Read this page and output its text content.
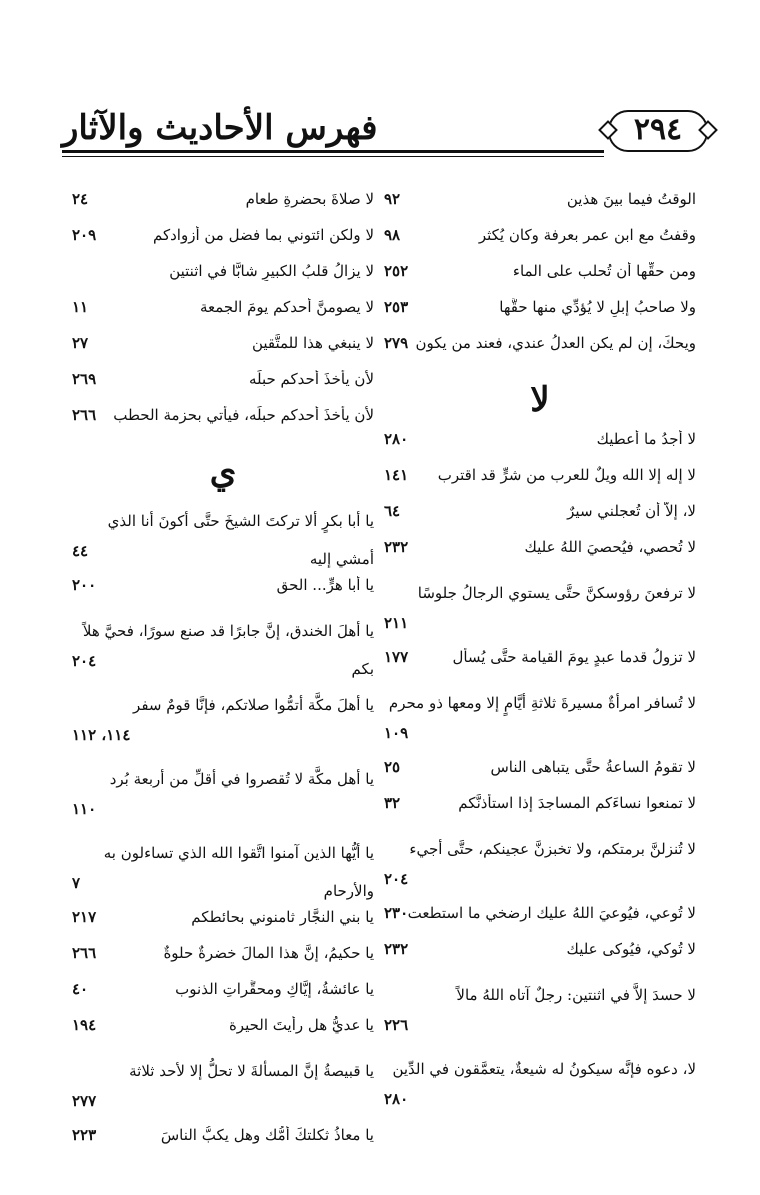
٢٩٤
فهرس الأحاديث والآثار
الوقتُ فيما بينَ هذين
٩٢
وقفتُ مع ابن عمر بعرفة وكان يُكثر
٩٨
ومن حقِّها أن تُحلب على الماء
٢٥٢
ولا صاحبُ إبلٍ لا يُؤدِّي منها حقَّها
٢٥٣
ويحكَ، إن لم يكن العدلُ عندي، فعند من يكون
٢٧٩
لا
لا أجدُ ما أُعطيك
٢٨٠
لا إله إلا الله ويلٌ للعرب من شرٍّ قد اقترب
١٤١
لا، إلاَّ أن تُعجلني سيرٌ
٦٤
لا تُحصي، فيُحصيَ اللهُ عليك
٢٣٢
لا ترفعنَ رؤوسكنَّ حتَّى يستوي الرجالُ جلوسًا
٢١١
لا تزولُ قدما عبدٍ يومَ القيامة حتَّى يُسأل
١٧٧
لا تُسافر امرأةٌ مسيرةَ ثلاثةِ أيَّامٍ إلا ومعها ذو محرم
١٠٩
لا تقومُ الساعةُ حتَّى يتباهى الناس
٢٥
لا تمنعوا نساءَكم المساجدَ إذا استأذنَّكم
٣٢
لا تُنزلنَّ برمتكم، ولا تخبزنَّ عجينكم، حتَّى أجيء
٢٠٤
لا تُوعي، فيُوعيَ اللهُ عليك ارضخي ما استطعت
٢٣٠
لا تُوكي، فيُوكى عليك
٢٣٢
لا حسدَ إلاَّ في اثنتين: رجلٌ آتاه اللهُ مالاً
٢٢٦
لا، دعوه فإنَّه سيكونُ له شيعةٌ، يتعمَّقون في الدِّين
٢٨٠
لا صلاةَ بحضرةِ طعام
٢٤
لا ولكن ائتوني بما فضل من أزوادكم
٢٠٩
لا يزالُ قلبُ الكبيرِ شابًّا في اثنتين
لا يصومنَّ أحدكم يومَ الجمعة
١١
لا ينبغي هذا للمتَّقين
٢٧
لأن يأخذَ أحدكم حبلَه
٢٦٩
لأن يأخذَ أحدكم حبلَه، فيأتي بحزمة الحطب
٢٦٦
ي
يا أبا بكرٍ ألا تركتَ الشيخَ حتَّى أكونَ أنا الذي أمشي إليه
٤٤
يا أبا هرٍّ... الحق
٢٠٠
يا أهلَ الخندق، إنَّ جابرًا قد صنع سورًا، فحيَّ هلاً بكم
٢٠٤
يا أهلَ مكَّة أتمُّوا صلاتكم، فإنَّا قومٌ سفر
١١٤، ١١٢
يا أهل مكَّة لا تُقصروا في أقلِّ من أربعة بُرد
١١٠
يا أيُّها الذين آمنوا اتَّقوا الله الذي تساءلون به والأرحام
٧
يا بني النجَّار ثامنوني بحائطكم
٢١٧
يا حكيمُ، إنَّ هذا المالَ خضرةٌ حلوةٌ
٢٦٦
يا عائشةُ، إيَّاكِ ومحقَّراتِ الذنوب
٤٠
يا عديُّ هل رأيتَ الحيرة
١٩٤
يا قبيصةُ إنَّ المسألةَ لا تحلُّ إلا لأحد ثلاثة
٢٧٧
يا معاذُ ثكلتكَ أمُّك وهل يكبُّ الناسَ
٢٢٣
